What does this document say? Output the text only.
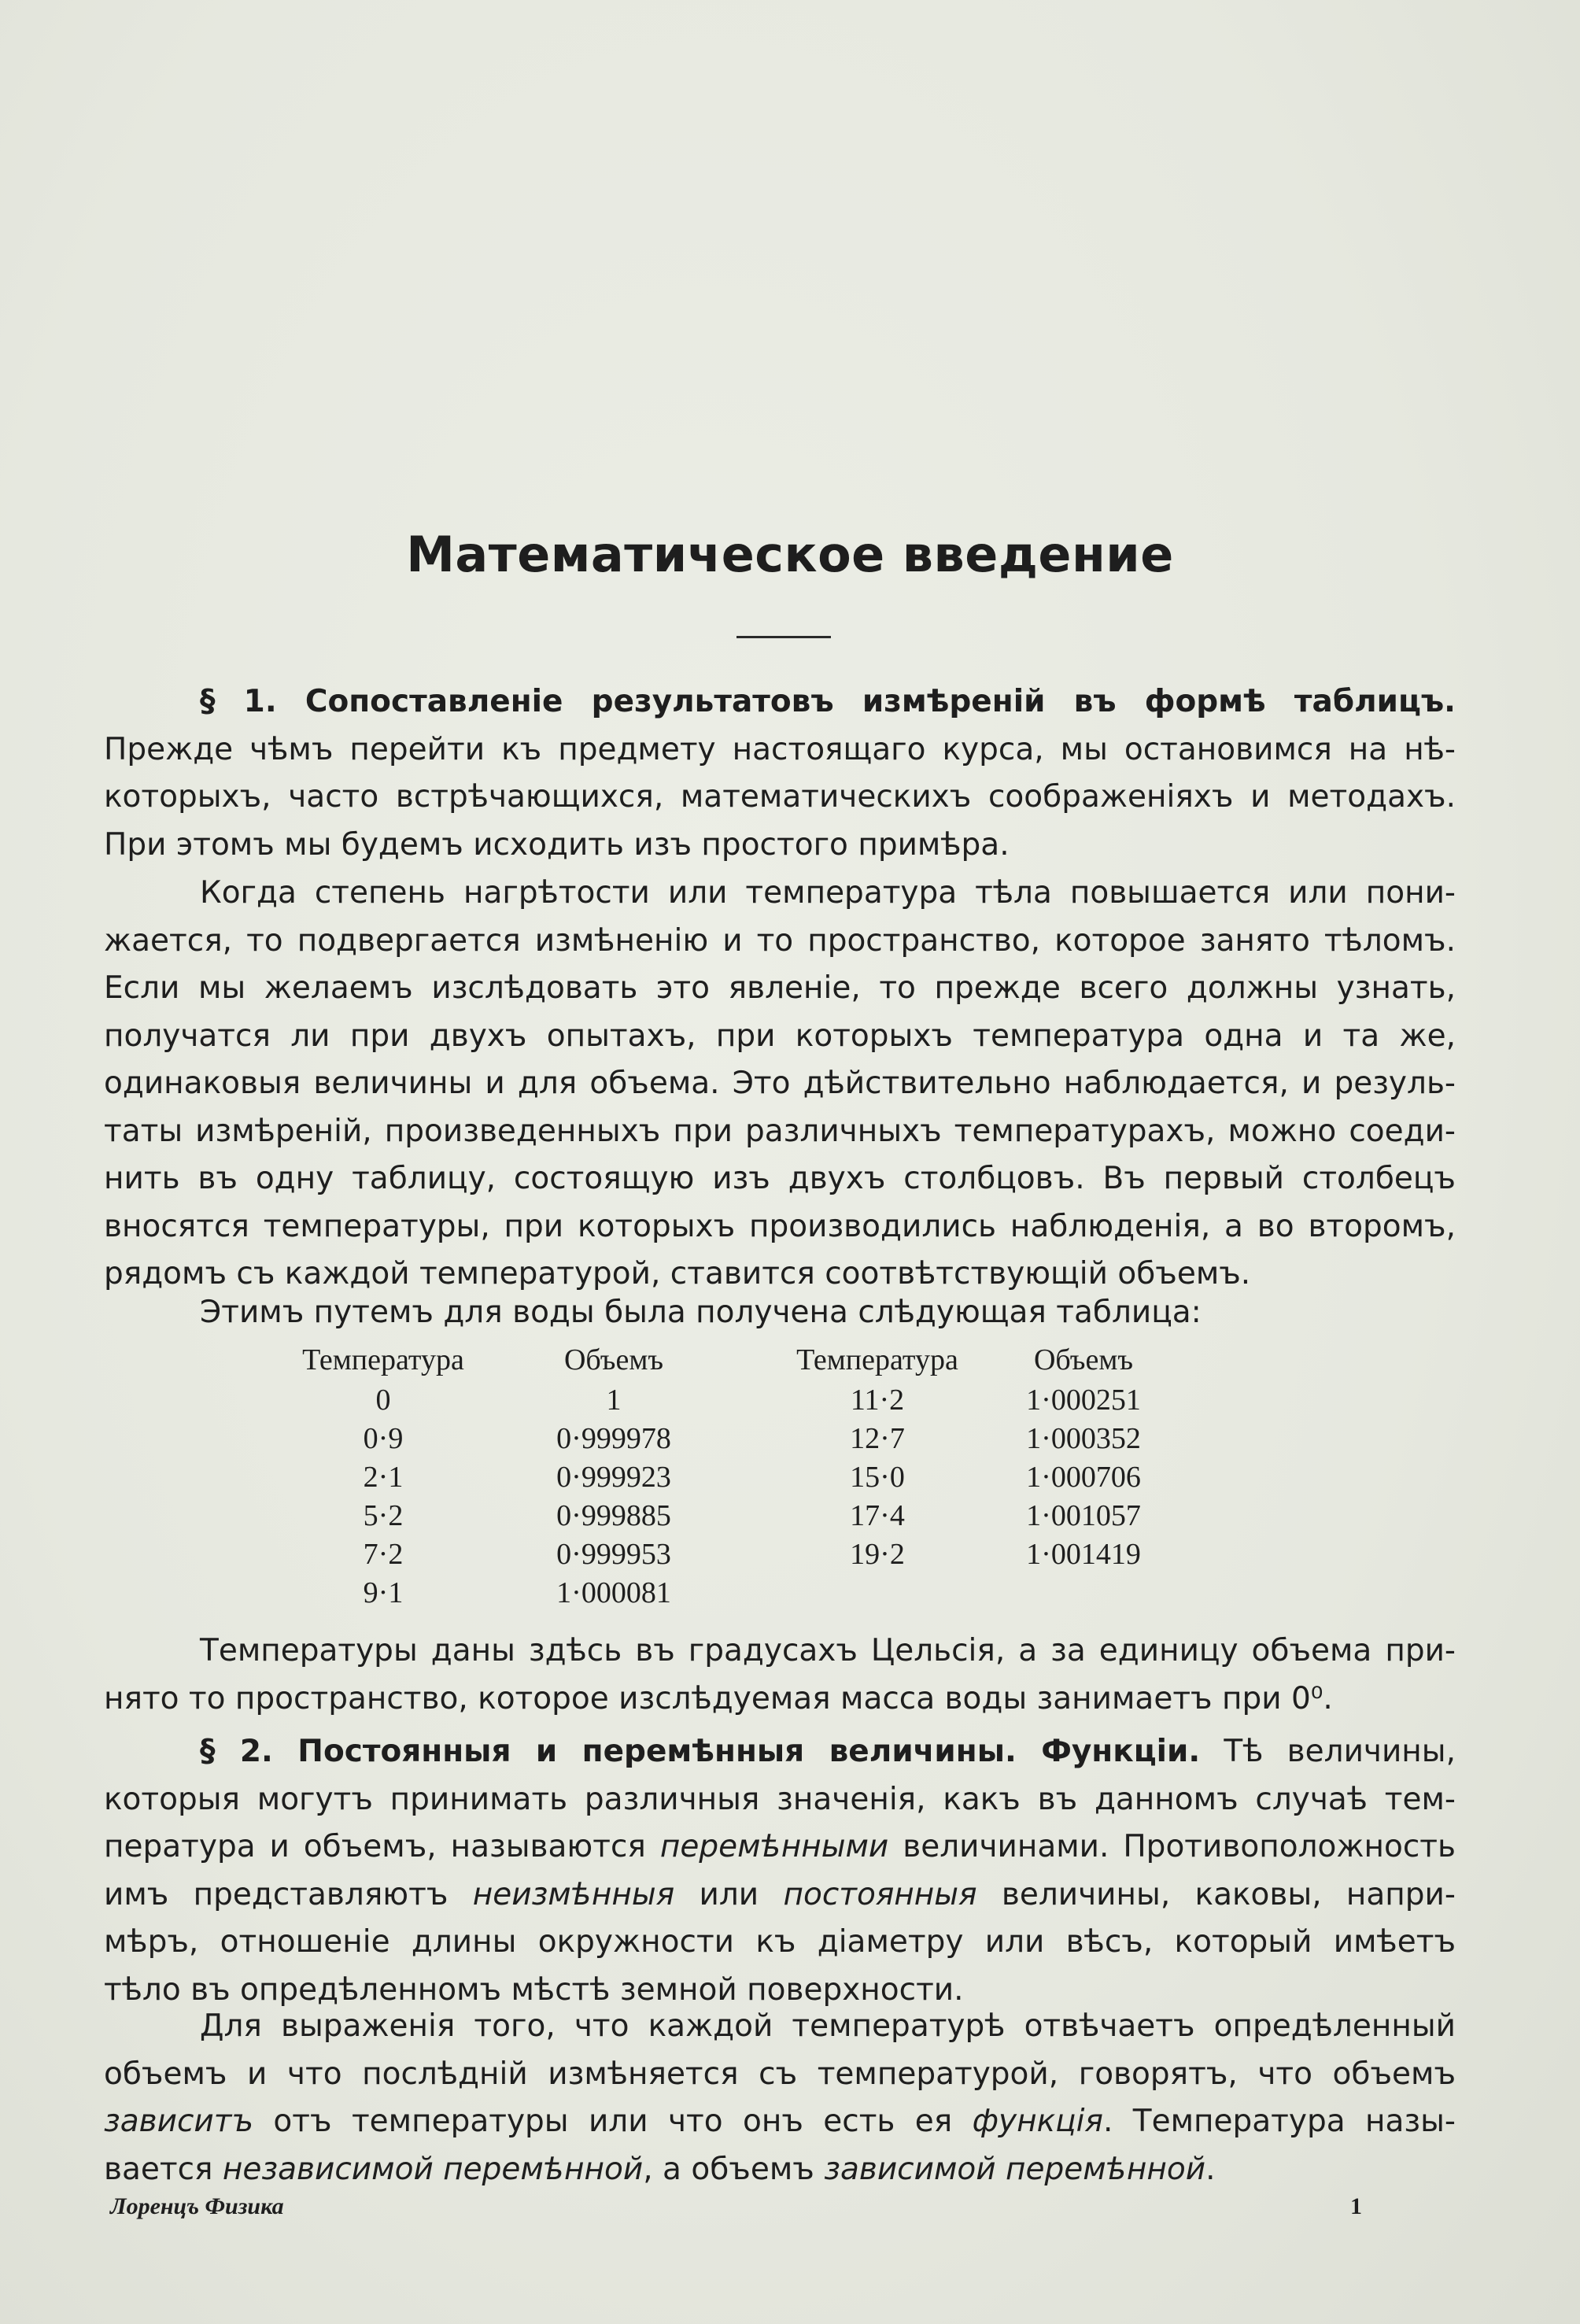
Математическое введение
§ 1. Сопоставленіе результатовъ измѣреній въ формѣ таблицъ.
Прежде чѣмъ перейти къ предмету настоящаго курса, мы остановимся на нѣ-
которыхъ, часто встрѣчающихся, математическихъ соображеніяхъ и методахъ.
При этомъ мы будемъ исходить изъ простого примѣра.
Когда степень нагрѣтости или температура тѣла повышается или пони-
жается, то подвергается измѣненію и то пространство, которое занято тѣломъ.
Если мы желаемъ изслѣдовать это явленіе, то прежде всего должны узнать,
получатся ли при двухъ опытахъ, при которыхъ температура одна и та же,
одинаковыя величины и для объема. Это дѣйствительно наблюдается, и резуль-
таты измѣреній, произведенныхъ при различныхъ температурахъ, можно соеди-
нить въ одну таблицу, состоящую изъ двухъ столбцовъ. Въ первый столбецъ
вносятся температуры, при которыхъ производились наблюденія, а во второмъ,
рядомъ съ каждой температурой, ставится соотвѣтствующій объемъ.
Этимъ путемъ для воды была получена слѣдующая таблица:
Температура	Объемъ	Температура	Объемъ
0	1	11·2	1·000251
0·9	0·999978	12·7	1·000352
2·1	0·999923	15·0	1·000706
5·2	0·999885	17·4	1·001057
7·2	0·999953	19·2	1·001419
9·1	1·000081		
Температуры даны здѣсь въ градусахъ Цельсія, а за единицу объема при-
нято то пространство, которое изслѣдуемая масса воды занимаетъ при 0⁰.
§ 2. Постоянныя и перемѣнныя величины. Функціи. Тѣ величины,
которыя могутъ принимать различныя значенія, какъ въ данномъ случаѣ тем-
пература и объемъ, называются перемѣнными величинами. Противоположность
имъ представляютъ неизмѣнныя или постоянныя величины, каковы, напри-
мѣръ, отношеніе длины окружности къ діаметру или вѣсъ, который имѣетъ
тѣло въ опредѣленномъ мѣстѣ земной поверхности.
Для выраженія того, что каждой температурѣ отвѣчаетъ опредѣленный
объемъ и что послѣдній измѣняется съ температурой, говорятъ, что объемъ
зависитъ отъ температуры или что онъ есть ея функція. Температура назы-
вается независимой перемѣнной, а объемъ зависимой перемѣнной.
Лоренцъ Физика	1
